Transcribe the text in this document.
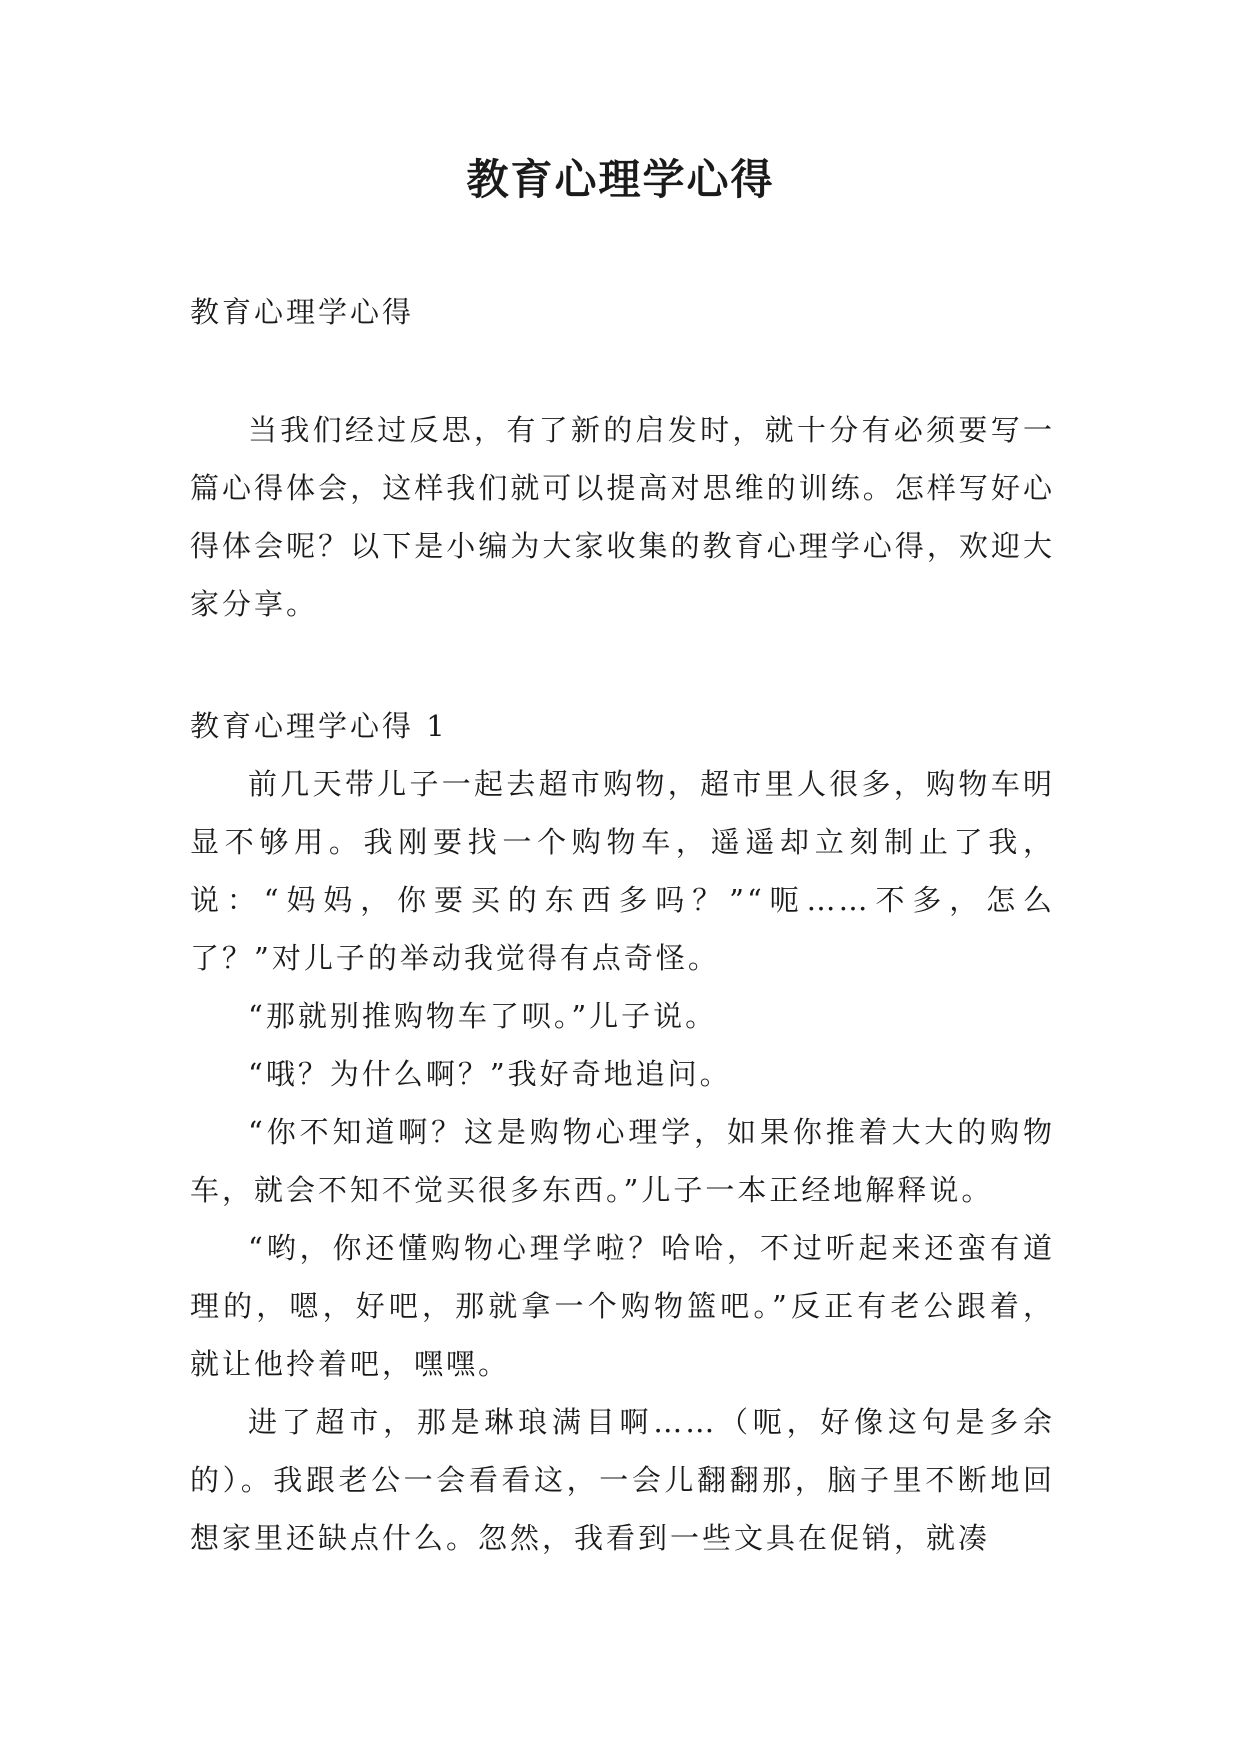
教育心理学心得

教育心理学心得

当我们经过反思，有了新的启发时，就十分有必须要写一篇心得体会，这样我们就可以提高对思维的训练。怎样写好心得体会呢？以下是小编为大家收集的教育心理学心得，欢迎大家分享。

教育心理学心得 1

前几天带儿子一起去超市购物，超市里人很多，购物车明显不够用。我刚要找一个购物车，遥遥却立刻制止了我，说：“妈妈，你要买的东西多吗？”“呃……不多，怎么了？”对儿子的举动我觉得有点奇怪。

“那就别推购物车了呗。”儿子说。

“哦？为什么啊？”我好奇地追问。

“你不知道啊？这是购物心理学，如果你推着大大的购物车，就会不知不觉买很多东西。”儿子一本正经地解释说。

“哟，你还懂购物心理学啦？哈哈，不过听起来还蛮有道理的，嗯，好吧，那就拿一个购物篮吧。”反正有老公跟着，就让他拎着吧，嘿嘿。

进了超市，那是琳琅满目啊……（呃，好像这句是多余的）。我跟老公一会看看这，一会儿翻翻那，脑子里不断地回想家里还缺点什么。忽然，我看到一些文具在促销，就凑
